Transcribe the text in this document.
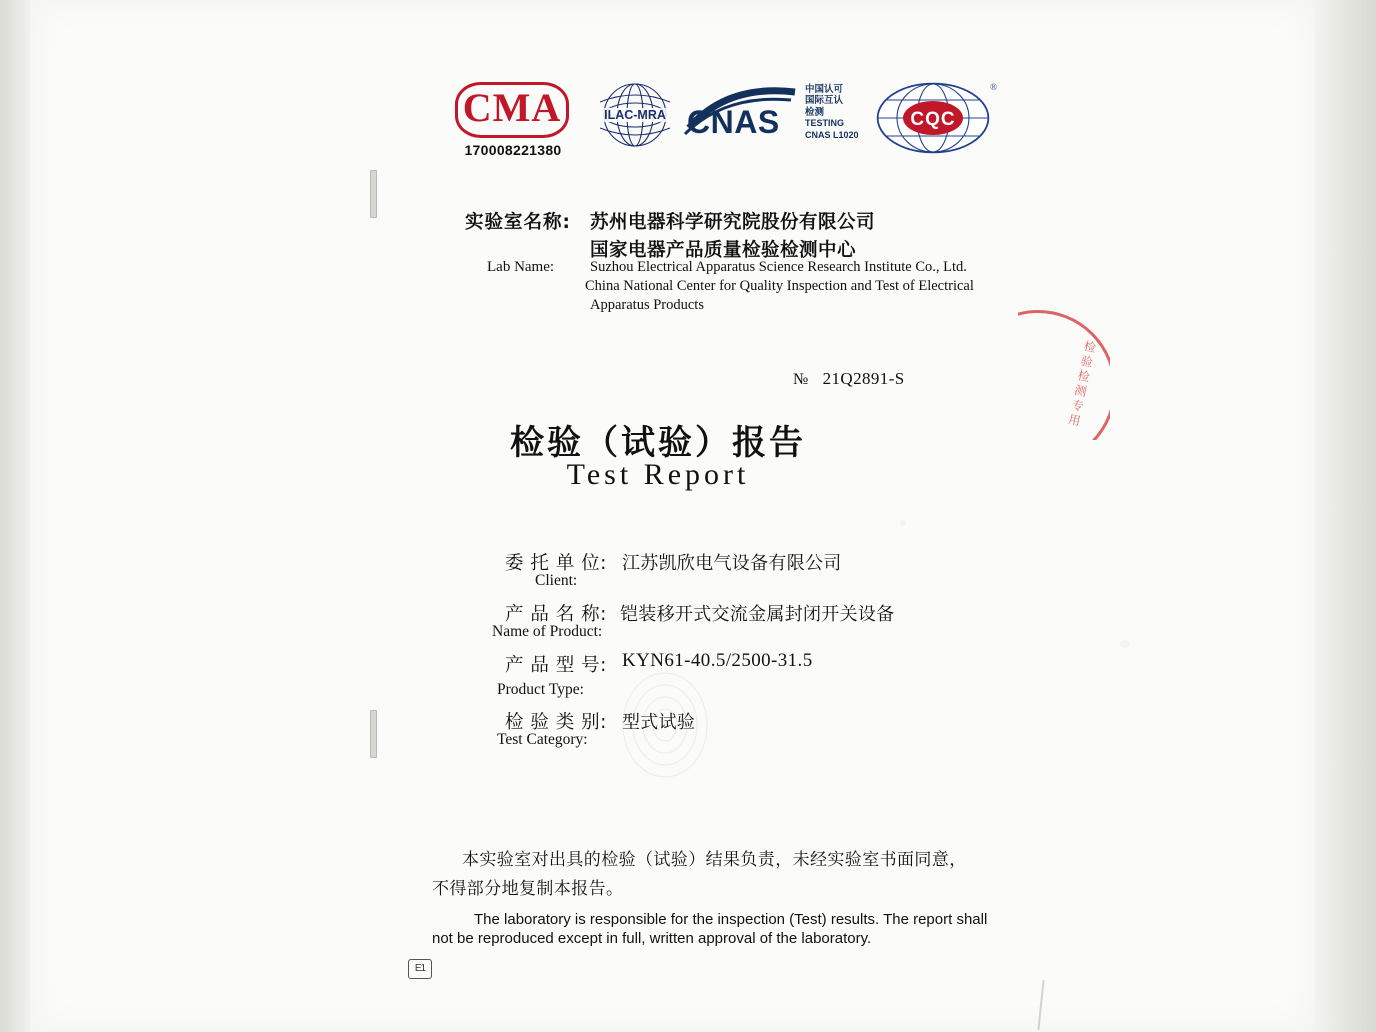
CMA
170008221380
ILAC-MRA CNAS
中国认可
国际互认
检测
TESTING
CNAS L1020
CQC
®
实验室名称:
Lab Name:
苏州电器科学研究院股份有限公司
国家电器产品质量检验检测中心
Suzhou Electrical Apparatus Science Research Institute Co., Ltd.
China National Center for Quality Inspection and Test of Electrical
Apparatus Products
№ 21Q2891-S
检验（试验）报告
Test Report
委 托 单 位:
Client:
江苏凯欣电气设备有限公司
产 品 名 称:
Name of Product:
铠装移开式交流金属封闭开关设备
产 品 型 号:
Product Type:
KYN61-40.5/2500-31.5
检 验 类 别:
Test Category:
型式试验
本实验室对出具的检验（试验）结果负责，未经实验室书面同意，
不得部分地复制本报告。
The laboratory is responsible for the inspection (Test) results. The report shall
not be reproduced except in full, written approval of the laboratory.
检验检测专用
E1
